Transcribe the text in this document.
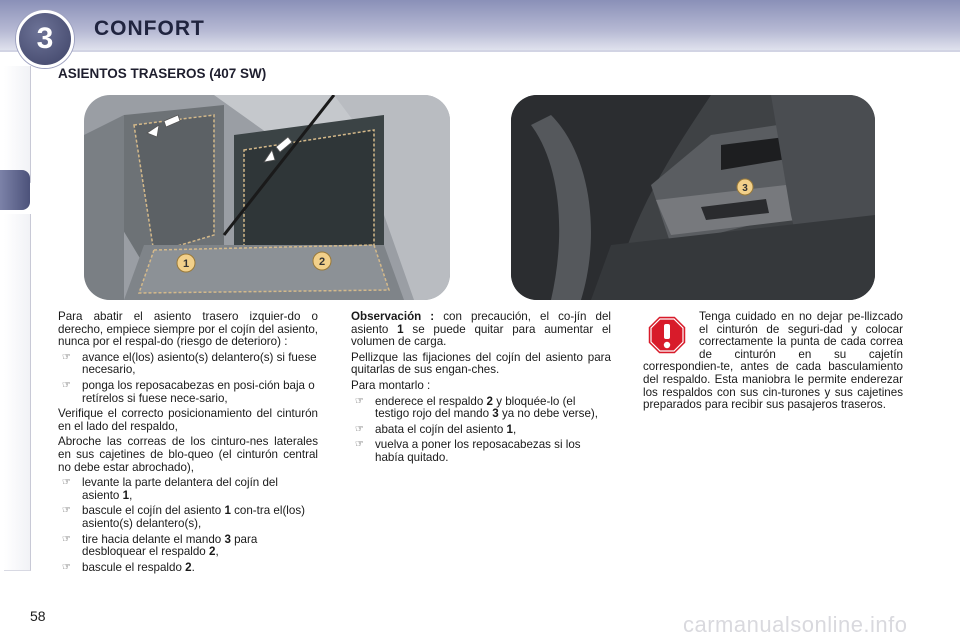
3	CONFORT
ASIENTOS TRASEROS (407 SW)
1	2
3

Para abatir el asiento trasero izquier-do o derecho, empiece siempre por el cojín del asiento, nunca por el respal-do (riesgo de deterioro) :

☞ avance el(los) asiento(s) delantero(s) si fuese necesario,
☞ ponga los reposacabezas en posi-ción baja o retírelos si fuese nece-sario,

Verifique el correcto posicionamiento del cinturón en el lado del respaldo,

Abroche las correas de los cinturo-nes laterales en sus cajetines de blo-queo (el cinturón central no debe estar abrochado),

☞ levante la parte delantera del cojín del asiento 1,
☞ bascule el cojín del asiento 1 con-tra el(los) asiento(s) delantero(s),
☞ tire hacia delante el mando 3 para desbloquear el respaldo 2,
☞ bascule el respaldo 2.

Observación : con precaución, el co-jín del asiento 1 se puede quitar para aumentar el volumen de carga.

Pellizque las fijaciones del cojín del asiento para quitarlas de sus engan-ches.

Para montarlo :

☞ enderece el respaldo 2 y bloquée-lo (el testigo rojo del mando 3 ya no debe verse),
☞ abata el cojín del asiento 1,
☞ vuelva a poner los reposacabezas si los había quitado.

Tenga cuidado en no dejar pe-llizcado el cinturón de seguri-dad y colocar correctamente la punta de cada correa de cinturón en su cajetín correspondien-te, antes de cada basculamiento del respaldo. Esta maniobra le permite enderezar los respaldos con sus cin-turones y sus cajetines preparados para recibir sus pasajeros traseros.

58	carmanualsonline.info
